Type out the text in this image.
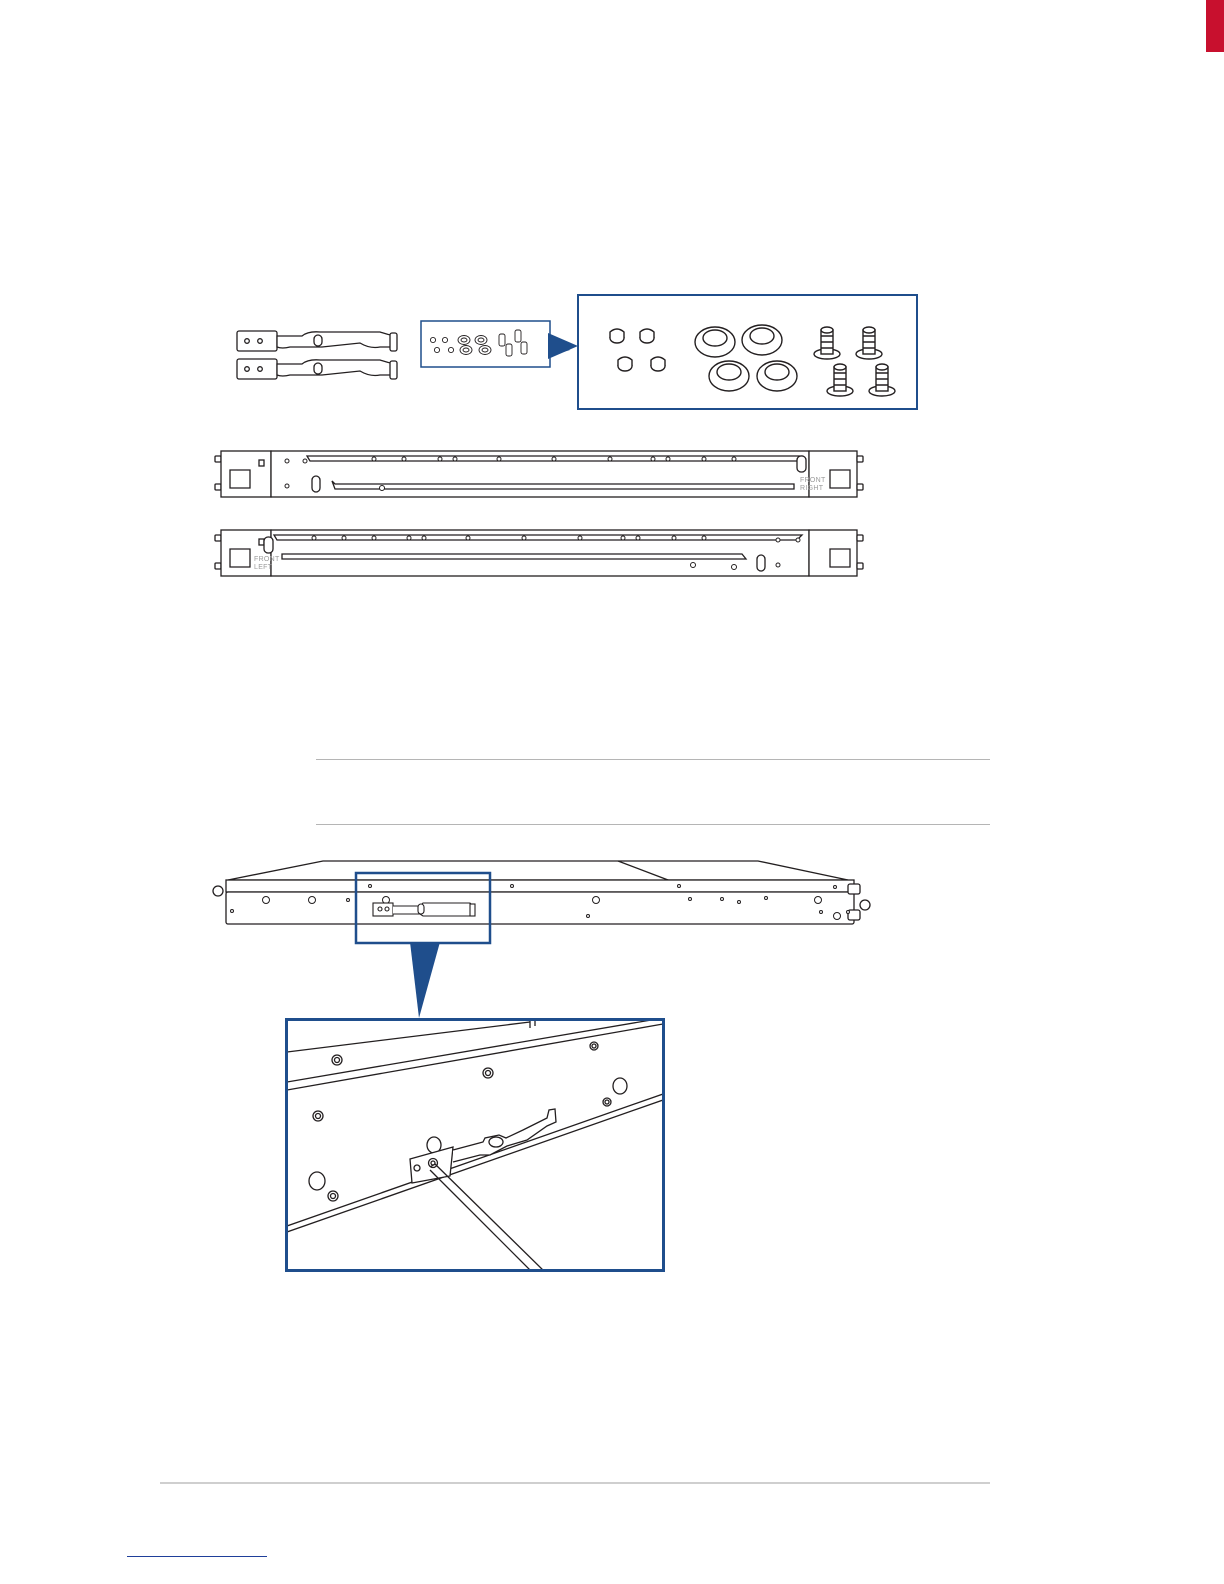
FRONT
RIGHT
FRONT
LEFT
